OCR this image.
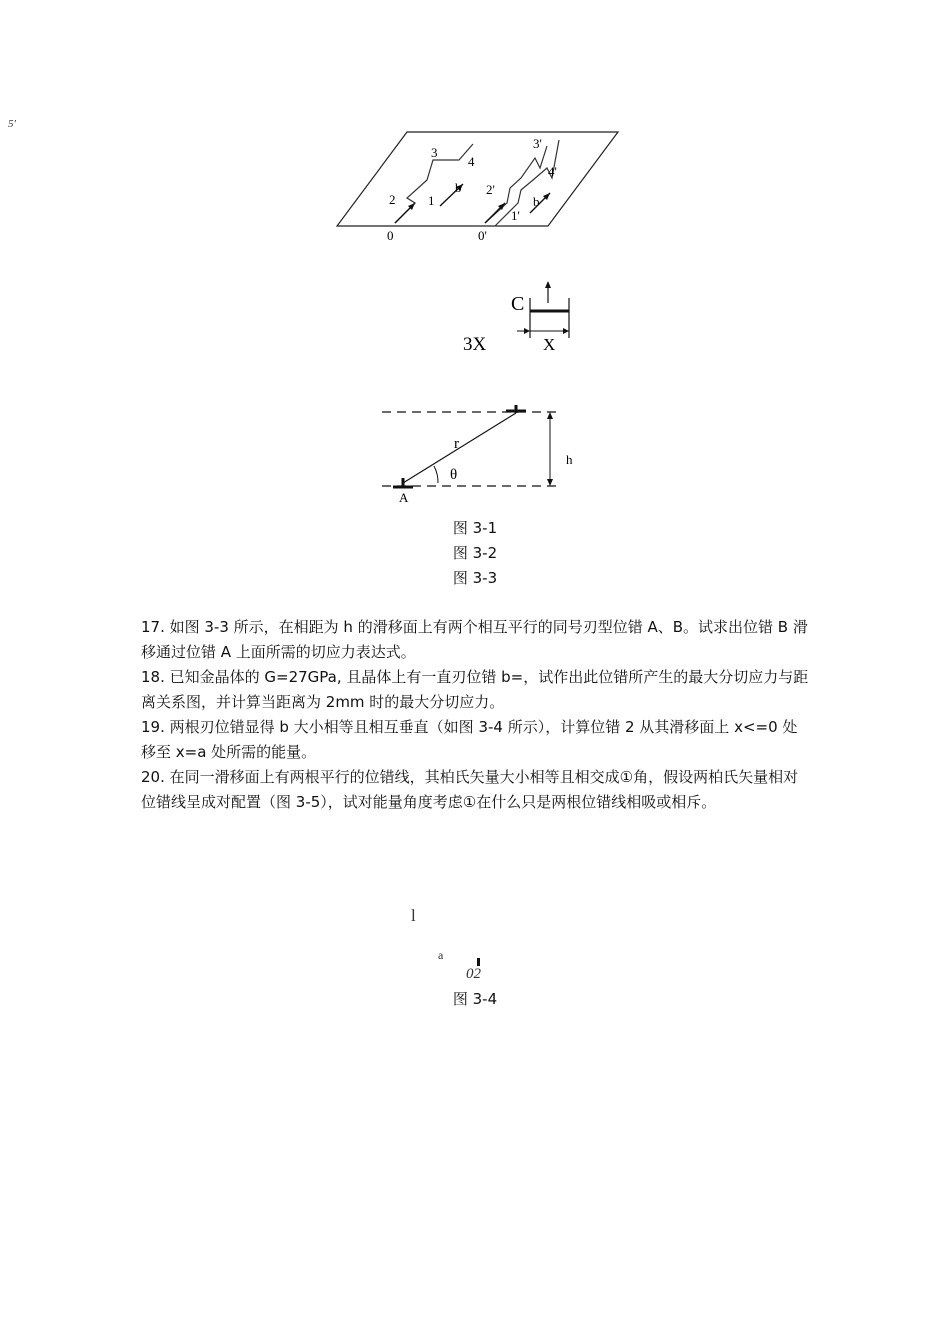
5'
0	0'
1
2
3
4
b
1'
2'
3'
4'
b
C
3X	X
r
θ
h
A
图 3-1
图 3-2
图 3-3

17. 如图 3-3 所示，在相距为 h 的滑移面上有两个相互平行的同号刃型位错 A、B。试求出位错 B 滑移通过位错 A 上面所需的切应力表达式。

18. 已知金晶体的 G=27GPa, 且晶体上有一直刃位错 b=，试作出此位错所产生的最大分切应力与距离关系图，并计算当距离为 2mm 时的最大分切应力。

19. 两根刃位错显得 b 大小相等且相互垂直（如图 3-4 所示），计算位错 2 从其滑移面上 x<=0 处移至 x=a 处所需的能量。

20. 在同一滑移面上有两根平行的位错线，其柏氏矢量大小相等且相交成①角，假设两柏氏矢量相对位错线呈成对配置（图 3-5），试对能量角度考虑①在什么只是两根位错线相吸或相斥。

l
a
02
图 3-4
